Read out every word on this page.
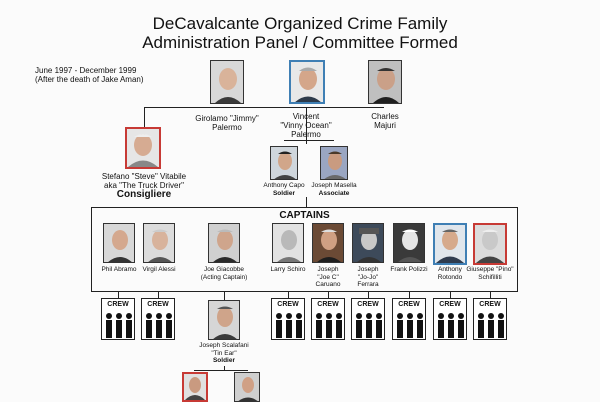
DeCavalcante Organized Crime Family
Administration Panel / Committee Formed
June 1997 - December 1999
(After the death of Jake Aman)
Girolamo "Jimmy"
Palermo
Vincent
"Vinny Ocean"
Palermo
Charles
Majuri
Stefano "Steve" Vitabile
aka "The Truck Driver"
Consigliere
Anthony Capo
Soldier
Joseph Masella
Associate
CAPTAINS
Phil Abramo Virgil Alessi	Joe Giacobbe
(Acting Captain)
Larry Schiro	Joseph
"Joe C"
Caruano
Joseph
"Jo-Jo"
Ferrara
Frank Polizzi	Anthony
Rotondo
Giuseppe "Pino"
Schifilliti
CREW	CREW	CREW	CREW	CREW	CREW	CREW	CREW
Joseph Scalafani
"Tin Ear"
Soldier
